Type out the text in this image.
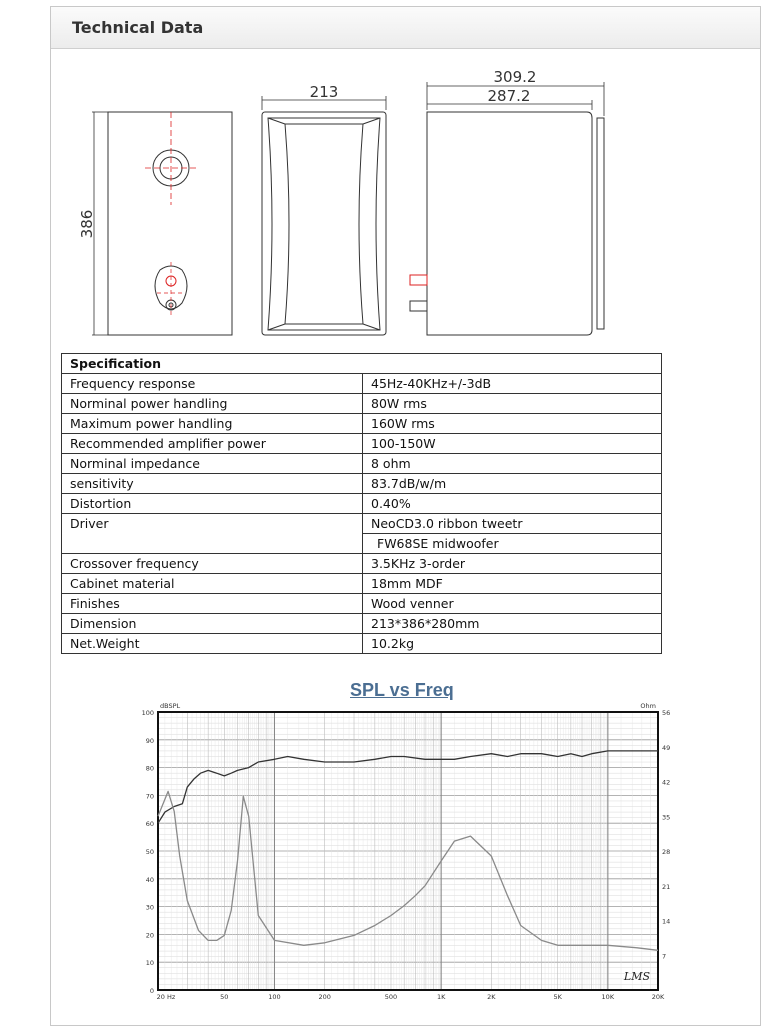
Technical Data
386
213
309.2
287.2
Specification	
Frequency response	45Hz-40KHz+/-3dB
Norminal power handling	80W rms
Maximum power handling	160W rms
Recommended amplifier power	100-150W
Norminal impedance	8 ohm
sensitivity	83.7dB/w/m
Distortion	0.40%
Driver	NeoCD3.0 ribbon tweetr
	FW68SE midwoofer
Crossover frequency	3.5KHz 3-order
Cabinet material	18mm MDF
Finishes	Wood venner
Dimension	213*386*280mm
Net.Weight	10.2kg
SPL vs Freq
0
10
20
30
40
50
60
70
80
90
100
7
14
21
28
35
42
49
56
20 Hz	50	100	200	500	1K	2K	5K	10K	20K
dBSPL	Ohm
LMS
